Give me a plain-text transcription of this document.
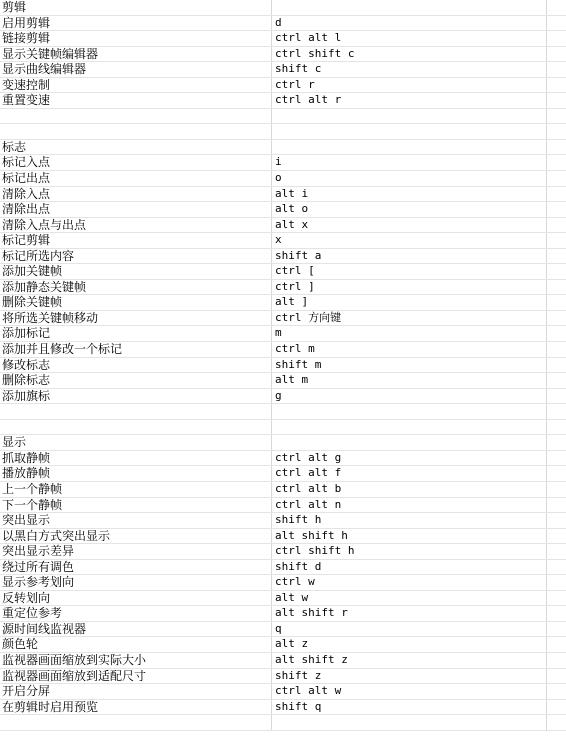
剪辑
启用剪辑	d
链接剪辑	ctrl alt l
显示关键帧编辑器	ctrl shift c
显示曲线编辑器	shift c
变速控制	ctrl r
重置变速	ctrl alt r
标志
标记入点	i
标记出点	o
清除入点	alt i
清除出点	alt o
清除入点与出点	alt x
标记剪辑	x
标记所选内容	shift a
添加关键帧	ctrl [
添加静态关键帧	ctrl ]
删除关键帧	alt ]
将所选关键帧移动	ctrl 方向键
添加标记	m
添加并且修改一个标记	ctrl m
修改标志	shift m
删除标志	alt m
添加旗标	g
显示
抓取静帧	ctrl alt g
播放静帧	ctrl alt f
上一个静帧	ctrl alt b
下一个静帧	ctrl alt n
突出显示	shift h
以黑白方式突出显示	alt shift h
突出显示差异	ctrl shift h
绕过所有调色	shift d
显示参考划向	ctrl w
反转划向	alt w
重定位参考	alt shift r
源时间线监视器	q
颜色轮	alt z
监视器画面缩放到实际大小	alt shift z
监视器画面缩放到适配尺寸	shift z
开启分屏	ctrl alt w
在剪辑时启用预览	shift q
